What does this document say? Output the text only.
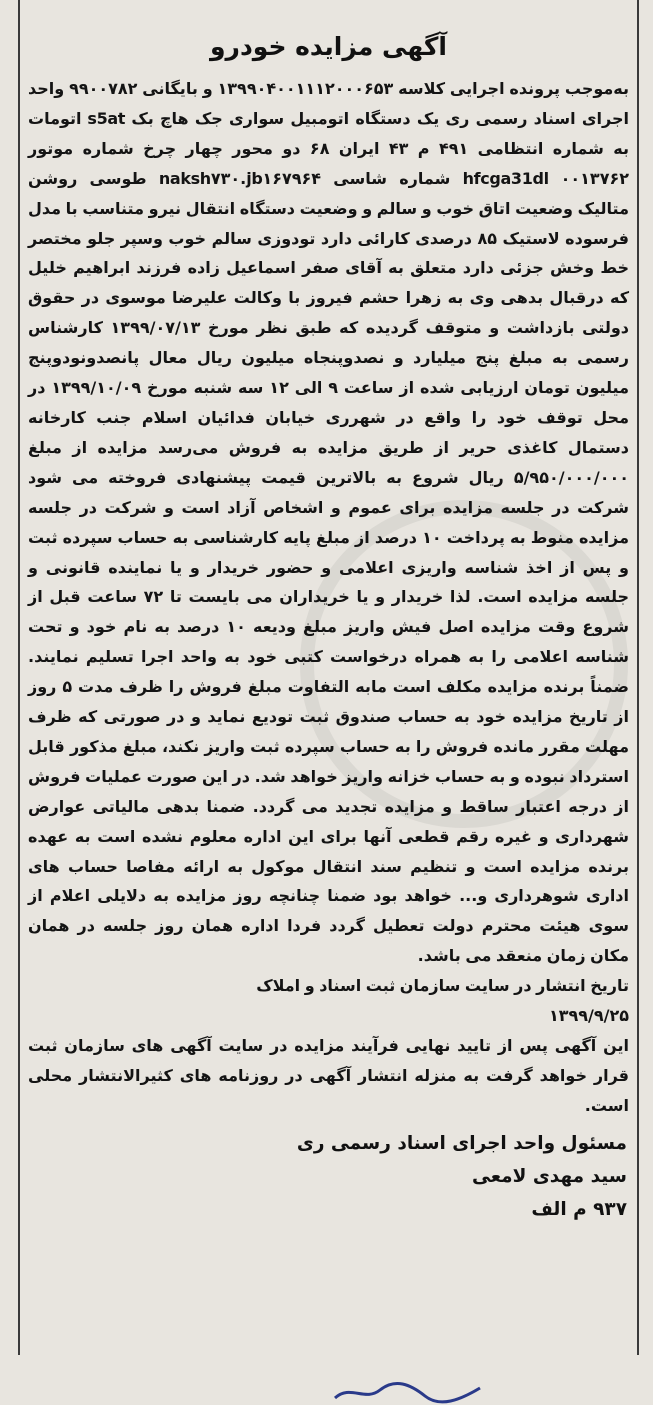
آگهی مزایده خودرو

به‌موجب پرونده اجرایی کلاسه ۱۳۹۹۰۴۰۰۱۱۱۲۰۰۰۶۵۳ و بایگانی ۹۹۰۰۷۸۲ واحد اجرای اسناد رسمی ری یک دستگاه اتومبیل سواری جک هاچ بک s5at اتومات به شماره انتظامی ۴۹۱ م ۴۳ ایران ۶۸ دو محور چهار چرخ شماره موتور hfcga31dl ۰۰۱۳۷۶۲ شماره شاسی naksh۷۳۰.jb۱۶۷۹۶۴ طوسی روشن متالیک وضعیت اتاق خوب و سالم و وضعیت دستگاه انتقال نیرو متناسب با مدل فرسوده لاستیک ۸۵ درصدی کارائی دارد تودوزی سالم خوب وسپر جلو مختصر خط وخش جزئی دارد متعلق به آقای صفر اسماعیل زاده فرزند ابراهیم خلیل که درقبال بدهی وی به زهرا حشم فیروز با وکالت علیرضا موسوی در حقوق دولتی بازداشت و متوقف گردیده که طبق نظر مورخ ۱۳۹۹/۰۷/۱۳ کارشناس رسمی به مبلغ پنج میلیارد و نصدوپنجاه میلیون ریال معال پانصدونودوپنج میلیون تومان ارزیابی شده از ساعت ۹ الی ۱۲ سه شنبه مورخ ۱۳۹۹/۱۰/۰۹ در محل توقف خود را واقع در شهرری خیابان فدائیان اسلام جنب کارخانه دستمال کاغذی حریر از طریق مزایده به فروش می‌رسد مزایده از مبلغ ۵/۹۵۰/۰۰۰/۰۰۰ ریال شروع به بالاترین قیمت پیشنهادی فروخته می شود شرکت در جلسه مزایده برای عموم و اشخاص آزاد است و شرکت در جلسه مزایده منوط به پرداخت ۱۰ درصد از مبلغ پایه کارشناسی به حساب سپرده ثبت و پس از اخذ شناسه واریزی اعلامی و حضور خریدار و یا نماینده قانونی و جلسه مزایده است. لذا خریدار و یا خریداران می بایست تا ۷۲ ساعت قبل از شروع وقت مزایده اصل فیش واریز مبلغ ودیعه ۱۰ درصد به نام خود و تحت شناسه اعلامی را به همراه درخواست کتبی خود به واحد اجرا تسلیم نمایند. ضمناً برنده مزایده مکلف است مابه التفاوت مبلغ فروش را ظرف مدت ۵ روز از تاریخ مزایده خود به حساب صندوق ثبت تودیع نماید و در صورتی که ظرف مهلت مقرر مانده فروش را به حساب سپرده ثبت واریز نکند، مبلغ مذکور قابل استرداد نبوده و به حساب خزانه واریز خواهد شد. در این صورت عملیات فروش از درجه اعتبار ساقط و مزایده تجدید می گردد. ضمنا بدهی مالیاتی عوارض شهرداری و غیره رقم قطعی آنها برای این اداره معلوم نشده است به عهده برنده مزایده است و تنظیم سند انتقال موکول به ارائه مفاصا حساب های اداری شوهرداری و... خواهد بود ضمنا چنانچه روز مزایده به دلایلی اعلام از سوی هیئت محترم دولت تعطیل گردد فردا اداره همان روز جلسه در همان مکان زمان منعقد می باشد.

تاریخ انتشار در سایت سازمان ثبت اسناد و املاک

۱۳۹۹/۹/۲۵

این آگهی پس از تایید نهایی فرآیند مزایده در سایت آگهی های سازمان ثبت قرار خواهد گرفت به منزله انتشار آگهی در روزنامه های کثیرالانتشار محلی است.

مسئول واحد اجرای اسناد رسمی ری
سید مهدی لامعی
۹۳۷ م الف
